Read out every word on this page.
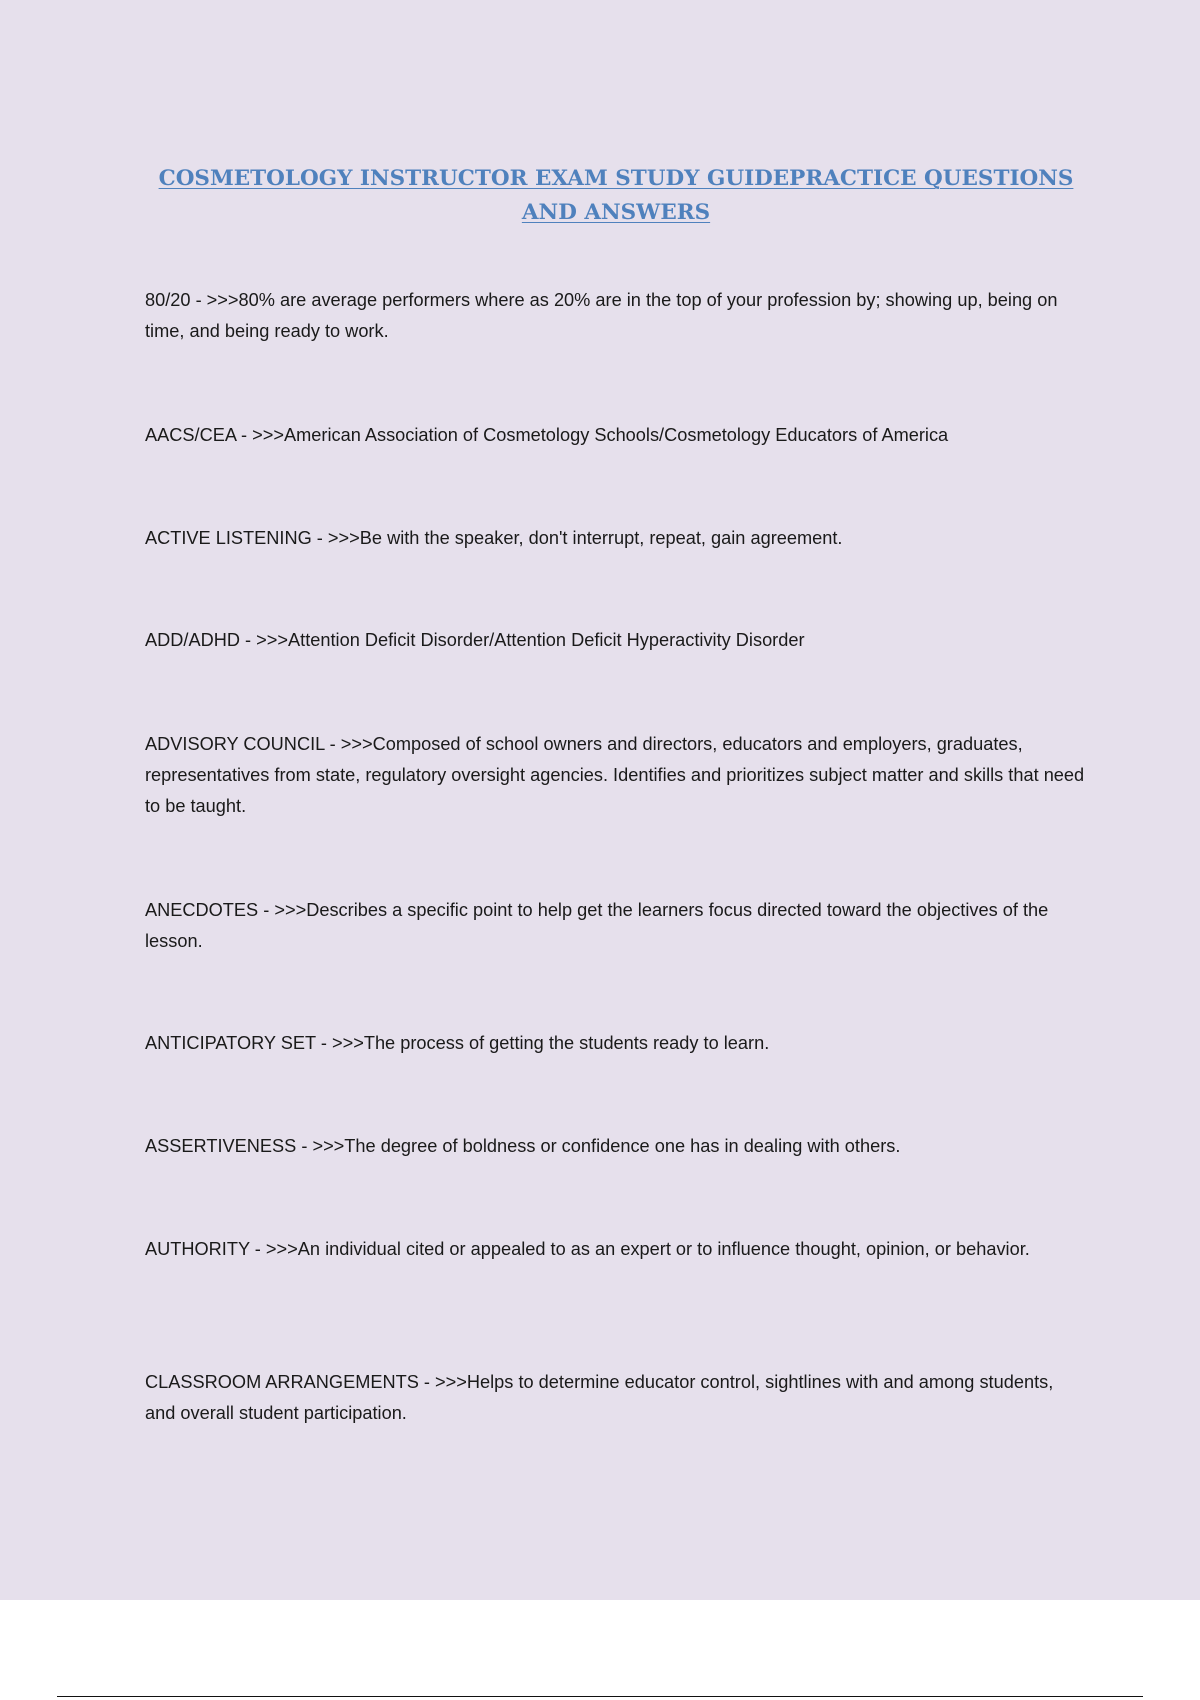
COSMETOLOGY INSTRUCTOR EXAM STUDY GUIDEPRACTICE QUESTIONS AND ANSWERS

80/20 - >>>80% are average performers where as 20% are in the top of your profession by; showing up, being on time, and being ready to work.

AACS/CEA - >>>American Association of Cosmetology Schools/Cosmetology Educators of America

ACTIVE LISTENING - >>>Be with the speaker, don't interrupt, repeat, gain agreement.

ADD/ADHD - >>>Attention Deficit Disorder/Attention Deficit Hyperactivity Disorder

ADVISORY COUNCIL - >>>Composed of school owners and directors, educators and employers, graduates, representatives from state, regulatory oversight agencies. Identifies and prioritizes subject matter and skills that need to be taught.

ANECDOTES - >>>Describes a specific point to help get the learners focus directed toward the objectives of the lesson.

ANTICIPATORY SET - >>>The process of getting the students ready to learn.

ASSERTIVENESS - >>>The degree of boldness or confidence one has in dealing with others.

AUTHORITY - >>>An individual cited or appealed to as an expert or to influence thought, opinion, or behavior.

CLASSROOM ARRANGEMENTS - >>>Helps to determine educator control, sightlines with and among students, and overall student participation.
